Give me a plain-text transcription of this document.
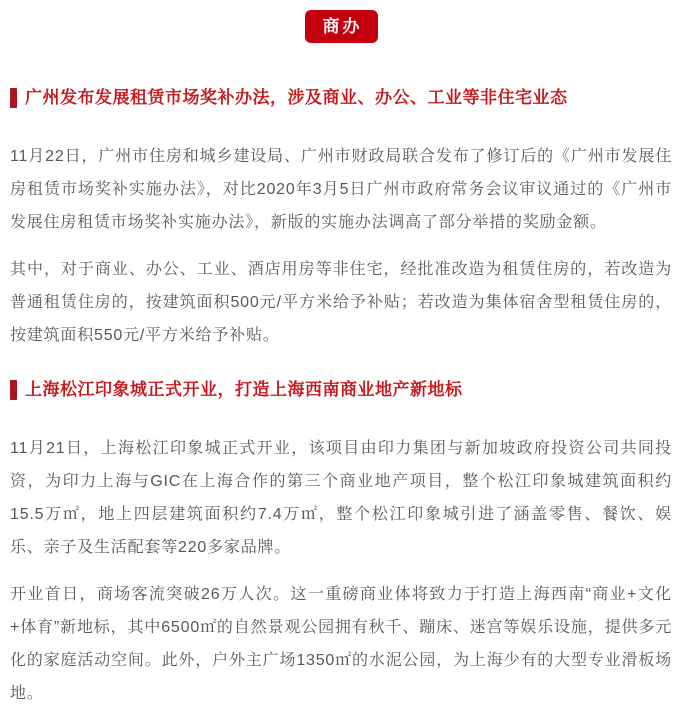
商办
广州发布发展租赁市场奖补办法，涉及商业、办公、工业等非住宅业态

11月22日，广州市住房和城乡建设局、广州市财政局联合发布了修订后的《广州市发展住房租赁市场奖补实施办法》，对比2020年3月5日广州市政府常务会议审议通过的《广州市发展住房租赁市场奖补实施办法》，新版的实施办法调高了部分举措的奖励金额。

其中，对于商业、办公、工业、酒店用房等非住宅，经批准改造为租赁住房的，若改造为普通租赁住房的，按建筑面积500元/平方米给予补贴；若改造为集体宿舍型租赁住房的，按建筑面积550元/平方米给予补贴。

上海松江印象城正式开业，打造上海西南商业地产新地标

11月21日，上海松江印象城正式开业，该项目由印力集团与新加坡政府投资公司共同投资，为印力上海与GIC在上海合作的第三个商业地产项目，整个松江印象城建筑面积约15.5万㎡，地上四层建筑面积约7.4万㎡，整个松江印象城引进了涵盖零售、餐饮、娱乐、亲子及生活配套等220多家品牌。

开业首日，商场客流突破26万人次。这一重磅商业体将致力于打造上海西南“商业+文化+体育”新地标，其中6500㎡的自然景观公园拥有秋千、蹦床、迷宫等娱乐设施，提供多元化的家庭活动空间。此外，户外主广场1350㎡的水泥公园，为上海少有的大型专业滑板场地。
